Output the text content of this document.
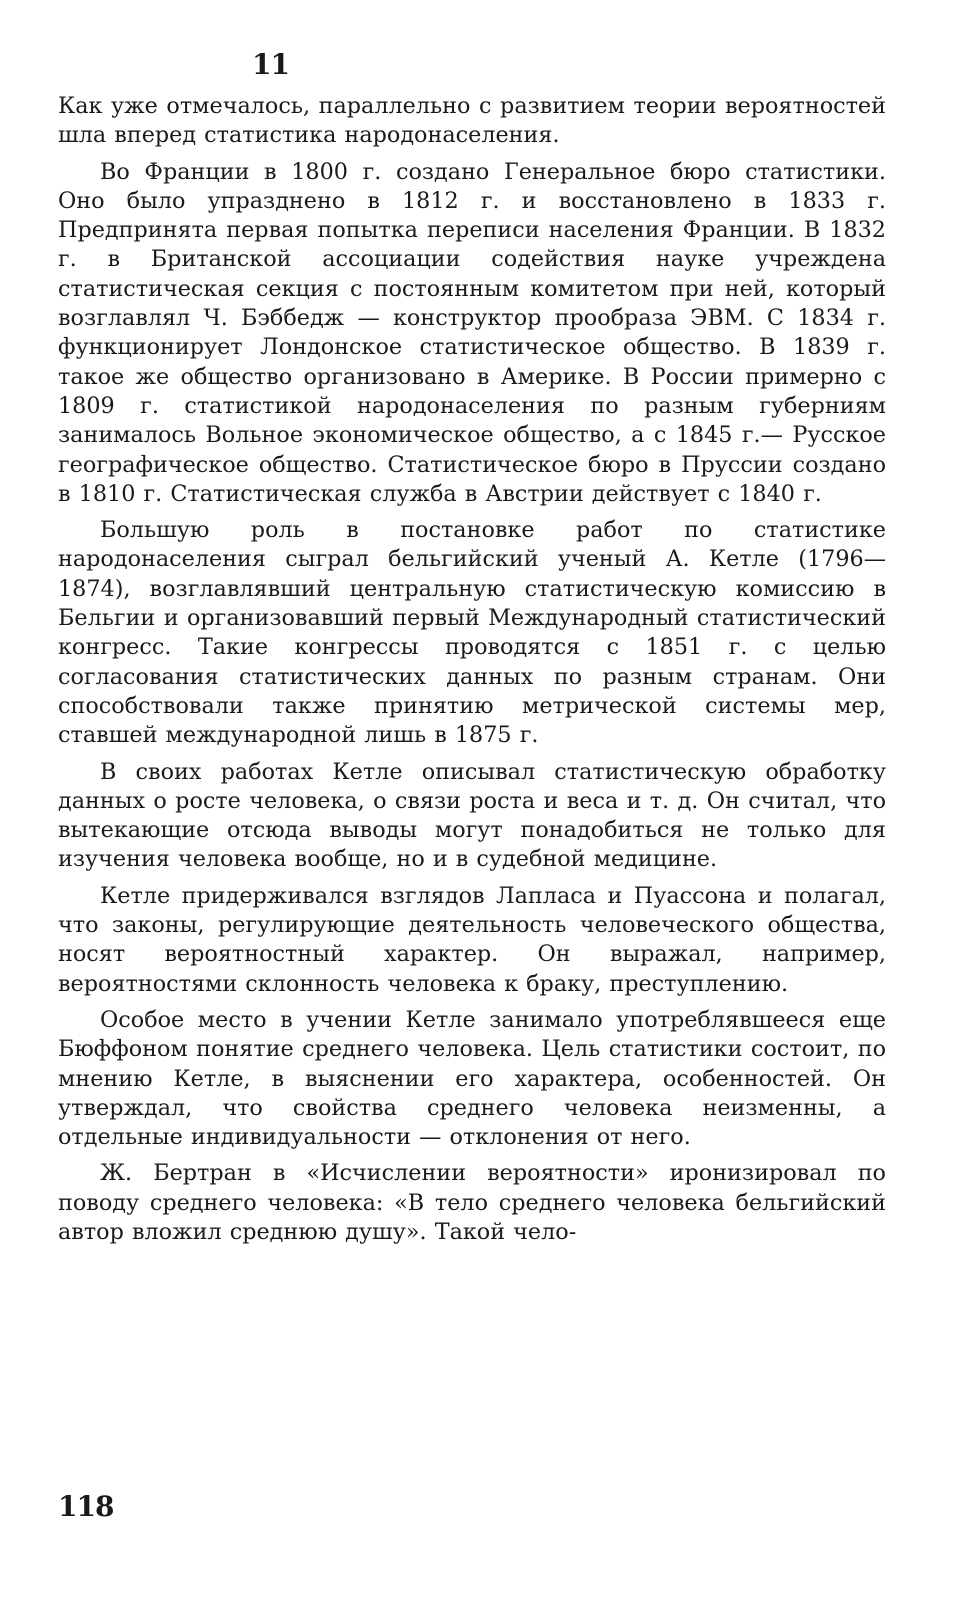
11

Как уже отмечалось, параллельно с развитием теории вероятностей шла вперед статистика народонаселения.

Во Франции в 1800 г. создано Генеральное бюро статистики. Оно было упразднено в 1812 г. и восстановлено в 1833 г. Предпринята первая попытка переписи населения Франции. В 1832 г. в Британской ассоциации содействия науке учреждена статистическая секция с постоянным комитетом при ней, который возглавлял Ч. Бэббедж — конструктор прообраза ЭВМ. С 1834 г. функционирует Лондонское статистическое общество. В 1839 г. такое же общество организовано в Америке. В России примерно с 1809 г. статистикой народонаселения по разным губерниям занималось Вольное экономическое общество, а с 1845 г.— Русское географическое общество. Статистическое бюро в Пруссии создано в 1810 г. Статистическая служба в Австрии действует с 1840 г.

Большую роль в постановке работ по статистике народонаселения сыграл бельгийский ученый А. Кетле (1796—1874), возглавлявший центральную статистическую комиссию в Бельгии и организовавший первый Международный статистический конгресс. Такие конгрессы проводятся с 1851 г. с целью согласования статистических данных по разным странам. Они способствовали также принятию метрической системы мер, ставшей международной лишь в 1875 г.

В своих работах Кетле описывал статистическую обработку данных о росте человека, о связи роста и веса и т. д. Он считал, что вытекающие отсюда выводы могут понадобиться не только для изучения человека вообще, но и в судебной медицине.

Кетле придерживался взглядов Лапласа и Пуассона и полагал, что законы, регулирующие деятельность человеческого общества, носят вероятностный характер. Он выражал, например, вероятностями склонность человека к браку, преступлению.

Особое место в учении Кетле занимало употреблявшееся еще Бюффоном понятие среднего человека. Цель статистики состоит, по мнению Кетле, в выяснении его характера, особенностей. Он утверждал, что свойства среднего человека неизменны, а отдельные индивидуальности — отклонения от него.

Ж. Бертран в «Исчислении вероятности» иронизировал по поводу среднего человека: «В тело среднего человека бельгийский автор вложил среднюю душу». Такой чело-

118
